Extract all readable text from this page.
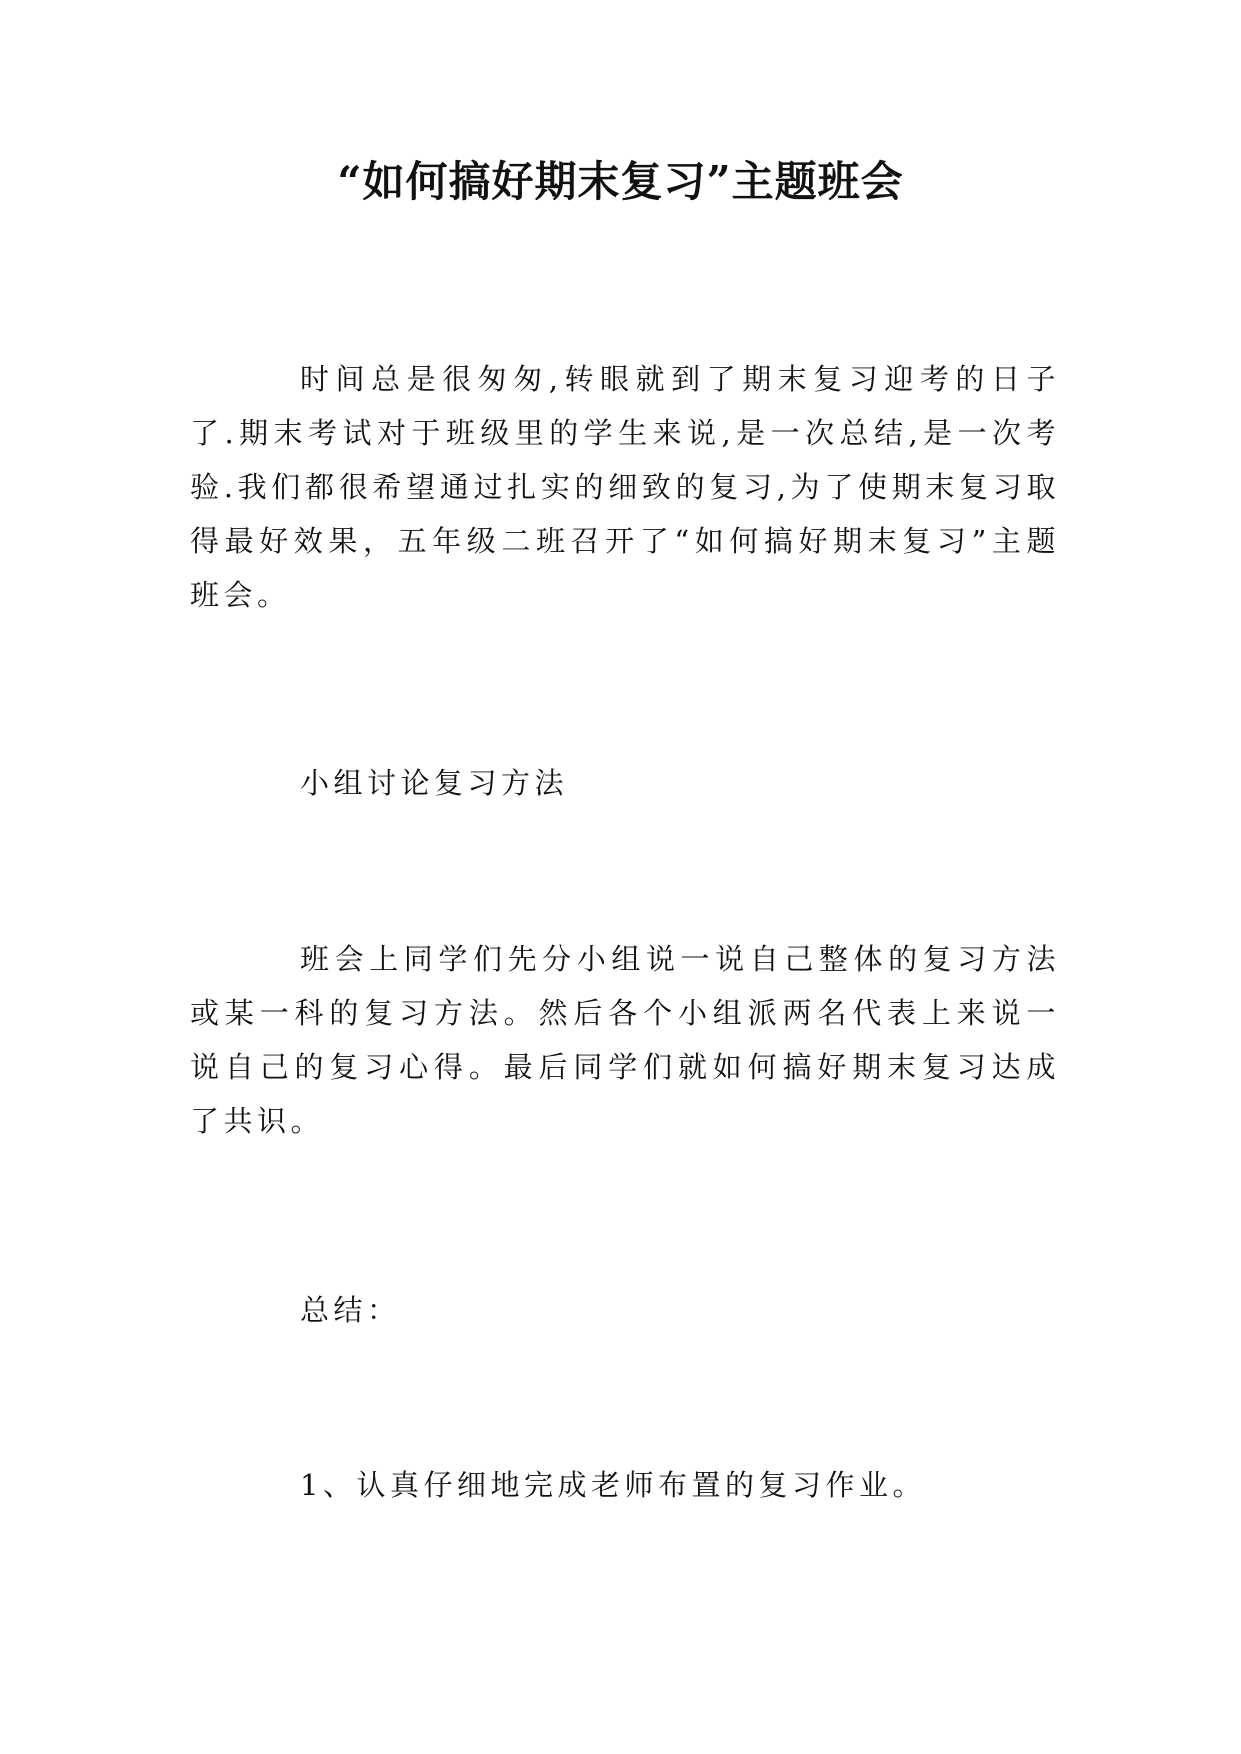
“如何搞好期末复习”主题班会

时间总是很匆匆,转眼就到了期末复习迎考的日子了.期末考试对于班级里的学生来说,是一次总结,是一次考验.我们都很希望通过扎实的细致的复习,为了使期末复习取得最好效果，五年级二班召开了“如何搞好期末复习”主题班会。

小组讨论复习方法

班会上同学们先分小组说一说自己整体的复习方法或某一科的复习方法。然后各个小组派两名代表上来说一说自己的复习心得。最后同学们就如何搞好期末复习达成了共识。

总结：

1、认真仔细地完成老师布置的复习作业。
